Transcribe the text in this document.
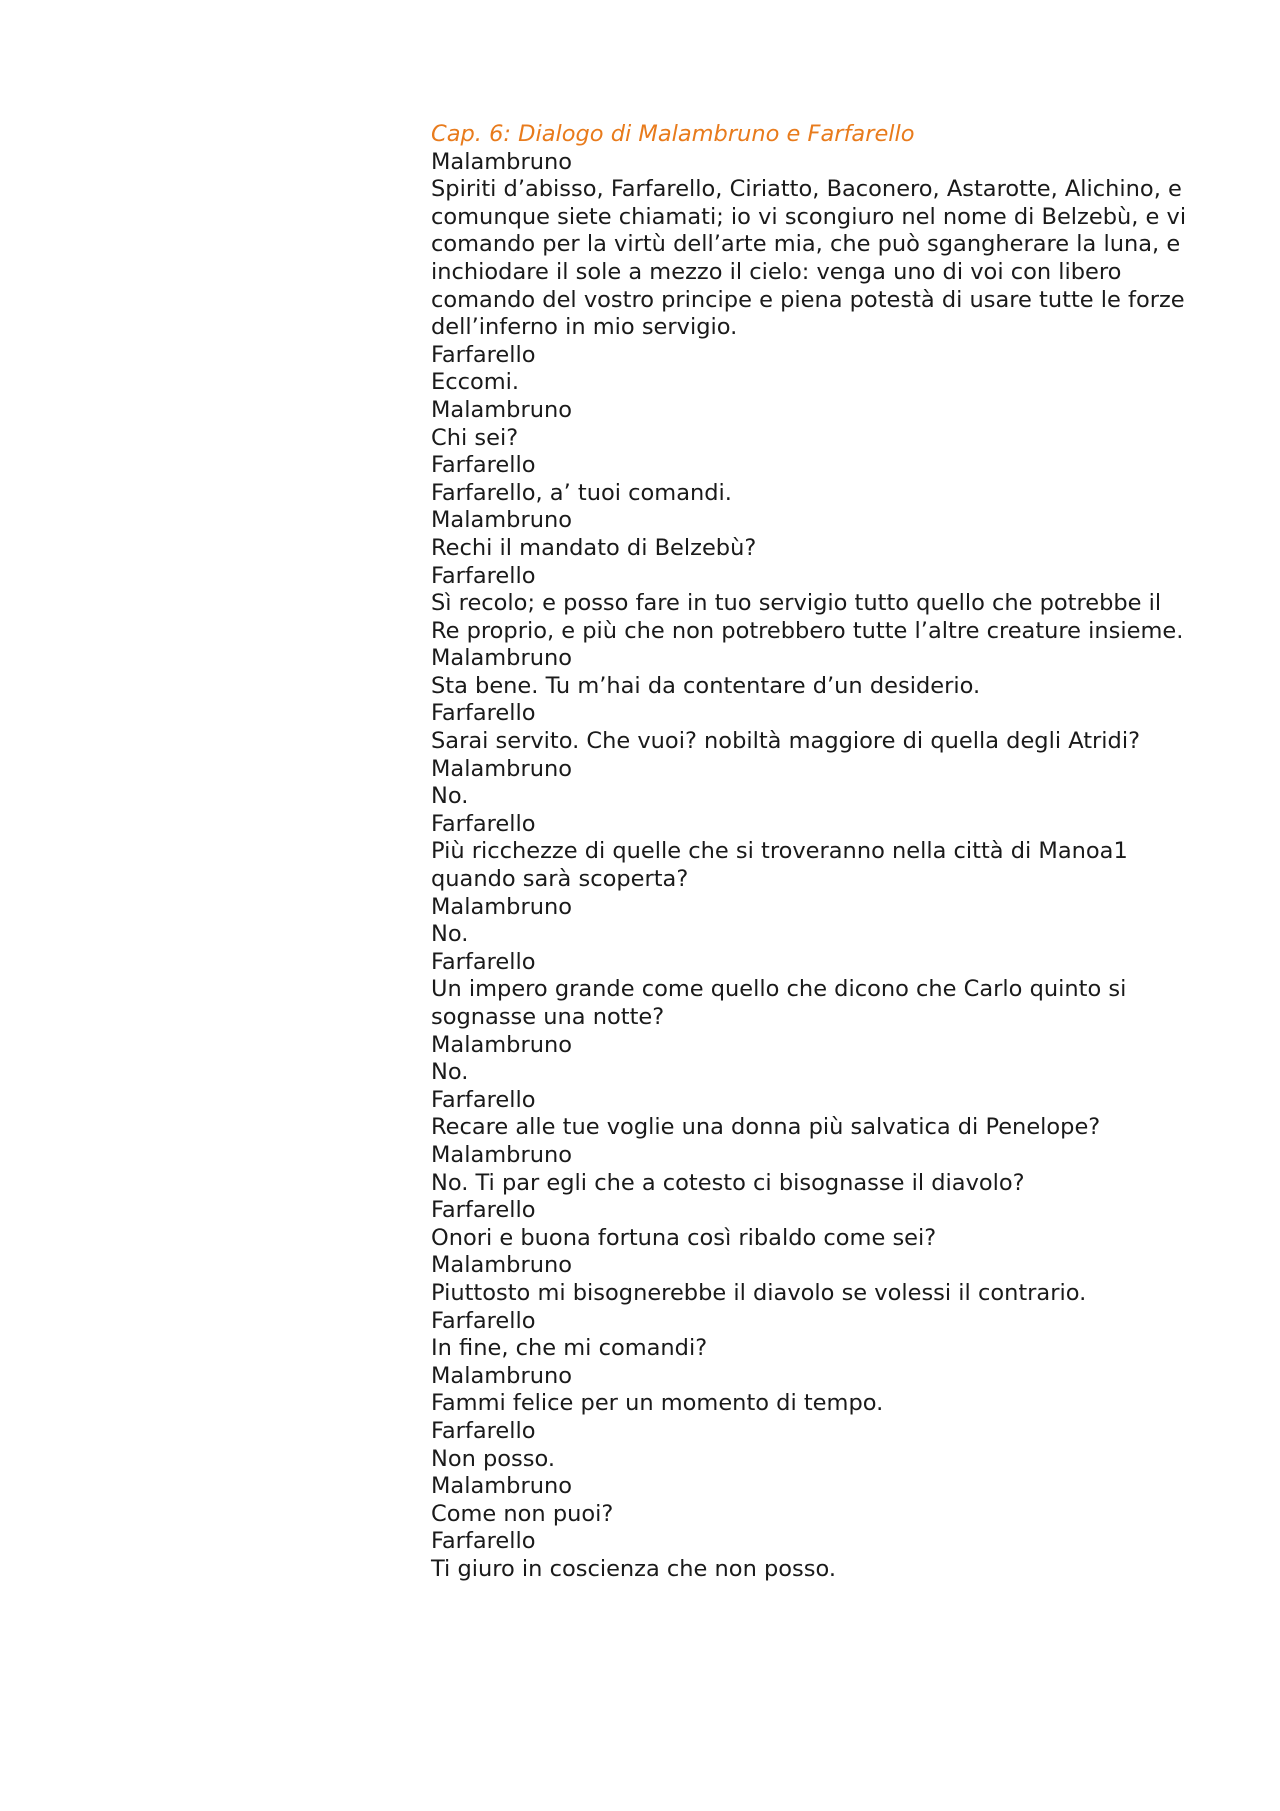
Cap. 6: Dialogo di Malambruno e Farfarello

Malambruno

Spiriti d’abisso, Farfarello, Ciriatto, Baconero, Astarotte, Alichino, e comunque siete chiamati; io vi scongiuro nel nome di Belzebù, e vi comando per la virtù dell’arte mia, che può sgangherare la luna, e inchiodare il sole a mezzo il cielo: venga uno di voi con libero comando del vostro principe e piena potestà di usare tutte le forze dell’inferno in mio servigio.

Farfarello

Eccomi.

Malambruno

Chi sei?

Farfarello

Farfarello, a’ tuoi comandi.

Malambruno

Rechi il mandato di Belzebù?

Farfarello

Sì recolo; e posso fare in tuo servigio tutto quello che potrebbe il Re proprio, e più che non potrebbero tutte l’altre creature insieme.

Malambruno

Sta bene. Tu m’hai da contentare d’un desiderio.

Farfarello

Sarai servito. Che vuoi? nobiltà maggiore di quella degli Atridi?

Malambruno

No.

Farfarello

Più ricchezze di quelle che si troveranno nella città di Manoa1 quando sarà scoperta?

Malambruno

No.

Farfarello

Un impero grande come quello che dicono che Carlo quinto si sognasse una notte?

Malambruno

No.

Farfarello

Recare alle tue voglie una donna più salvatica di Penelope?

Malambruno

No. Ti par egli che a cotesto ci bisognasse il diavolo?

Farfarello

Onori e buona fortuna così ribaldo come sei?

Malambruno

Piuttosto mi bisognerebbe il diavolo se volessi il contrario.

Farfarello

In fine, che mi comandi?

Malambruno

Fammi felice per un momento di tempo.

Farfarello

Non posso.

Malambruno

Come non puoi?

Farfarello

Ti giuro in coscienza che non posso.
